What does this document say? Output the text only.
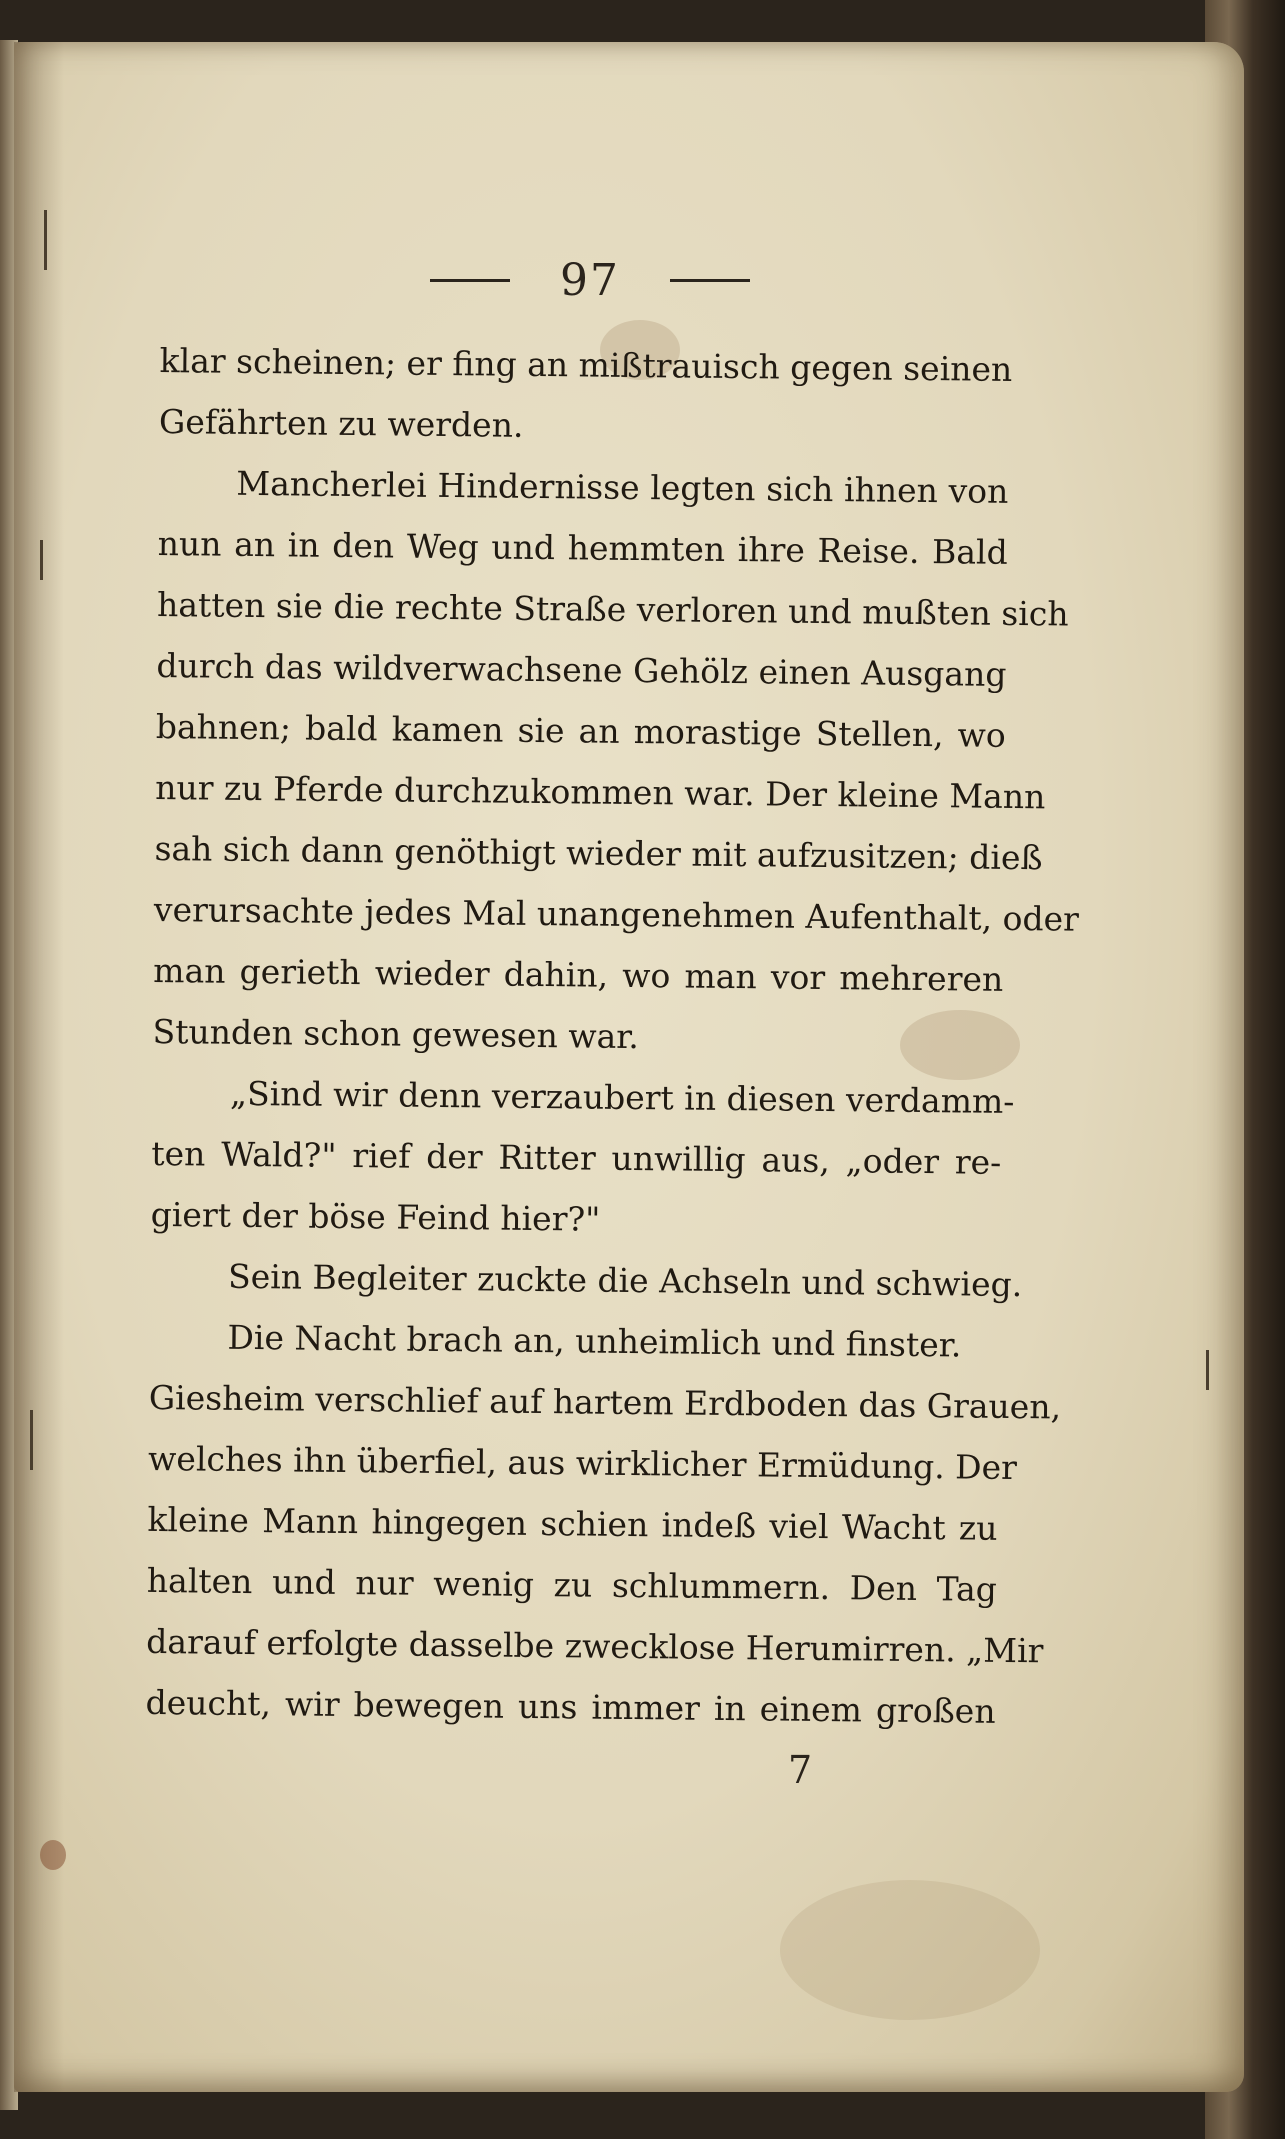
97
klar scheinen; er fing an mißtrauisch gegen seinen
Gefährten zu werden.
Mancherlei Hindernisse legten sich ihnen von
nun an in den Weg und hemmten ihre Reise. Bald
hatten sie die rechte Straße verloren und mußten sich
durch das wildverwachsene Gehölz einen Ausgang
bahnen; bald kamen sie an morastige Stellen, wo
nur zu Pferde durchzukommen war. Der kleine Mann
sah sich dann genöthigt wieder mit aufzusitzen; dieß
verursachte jedes Mal unangenehmen Aufenthalt, oder
man gerieth wieder dahin, wo man vor mehreren
Stunden schon gewesen war.
„Sind wir denn verzaubert in diesen verdamm-
ten Wald?" rief der Ritter unwillig aus, „oder re-
giert der böse Feind hier?"
Sein Begleiter zuckte die Achseln und schwieg.
Die Nacht brach an, unheimlich und finster.
Giesheim verschlief auf hartem Erdboden das Grauen,
welches ihn überfiel, aus wirklicher Ermüdung. Der
kleine Mann hingegen schien indeß viel Wacht zu
halten und nur wenig zu schlummern. Den Tag
darauf erfolgte dasselbe zwecklose Herumirren. „Mir
deucht, wir bewegen uns immer in einem großen
7
